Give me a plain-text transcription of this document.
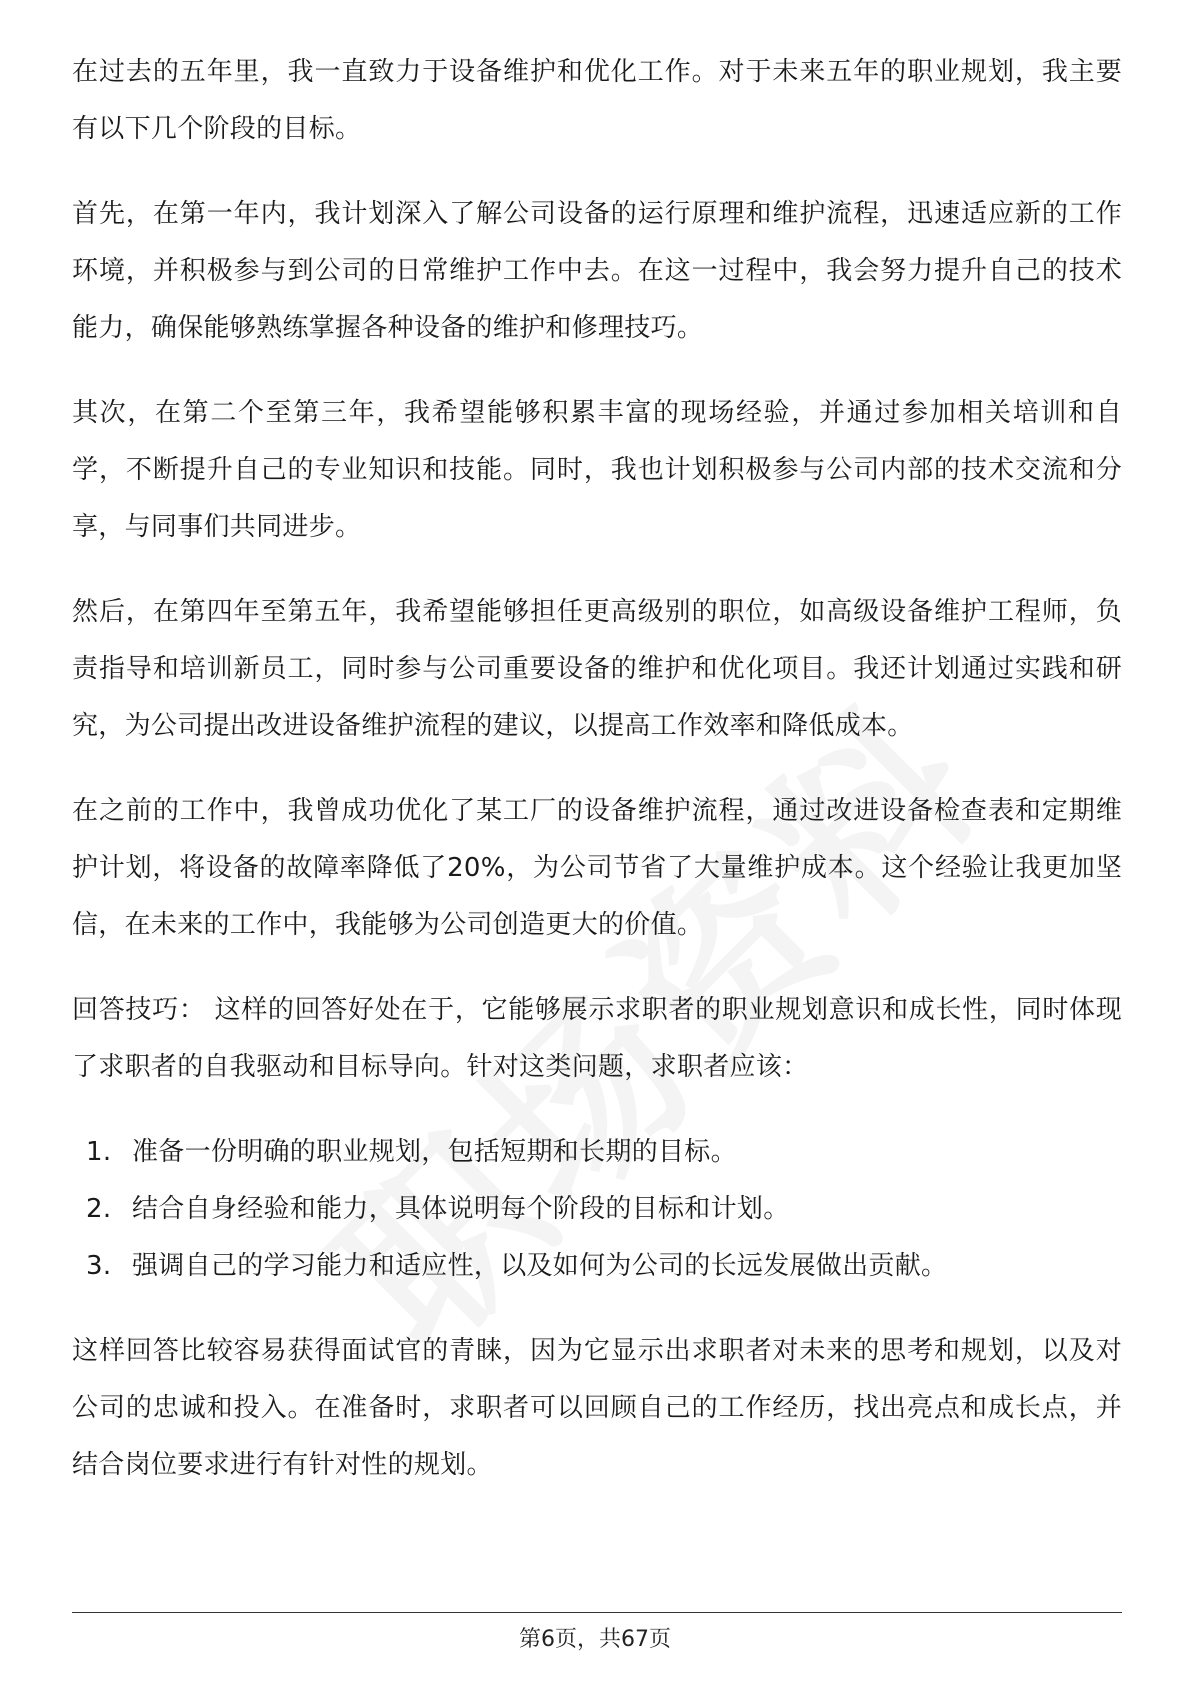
在过去的五年里，我一直致力于设备维护和优化工作。对于未来五年的职业规划，我主要有以下几个阶段的目标。

首先，在第一年内，我计划深入了解公司设备的运行原理和维护流程，迅速适应新的工作环境，并积极参与到公司的日常维护工作中去。在这一过程中，我会努力提升自己的技术能力，确保能够熟练掌握各种设备的维护和修理技巧。

其次，在第二个至第三年，我希望能够积累丰富的现场经验，并通过参加相关培训和自学，不断提升自己的专业知识和技能。同时，我也计划积极参与公司内部的技术交流和分享，与同事们共同进步。

然后，在第四年至第五年，我希望能够担任更高级别的职位，如高级设备维护工程师，负责指导和培训新员工，同时参与公司重要设备的维护和优化项目。我还计划通过实践和研究，为公司提出改进设备维护流程的建议，以提高工作效率和降低成本。

在之前的工作中，我曾成功优化了某工厂的设备维护流程，通过改进设备检查表和定期维护计划，将设备的故障率降低了20%，为公司节省了大量维护成本。这个经验让我更加坚信，在未来的工作中，我能够为公司创造更大的价值。

回答技巧： 这样的回答好处在于，它能够展示求职者的职业规划意识和成长性，同时体现了求职者的自我驱动和目标导向。针对这类问题，求职者应该：

1. 准备一份明确的职业规划，包括短期和长期的目标。
2. 结合自身经验和能力，具体说明每个阶段的目标和计划。
3. 强调自己的学习能力和适应性，以及如何为公司的长远发展做出贡献。

这样回答比较容易获得面试官的青睐，因为它显示出求职者对未来的思考和规划，以及对公司的忠诚和投入。在准备时，求职者可以回顾自己的工作经历，找出亮点和成长点，并结合岗位要求进行有针对性的规划。

第6页，共67页
